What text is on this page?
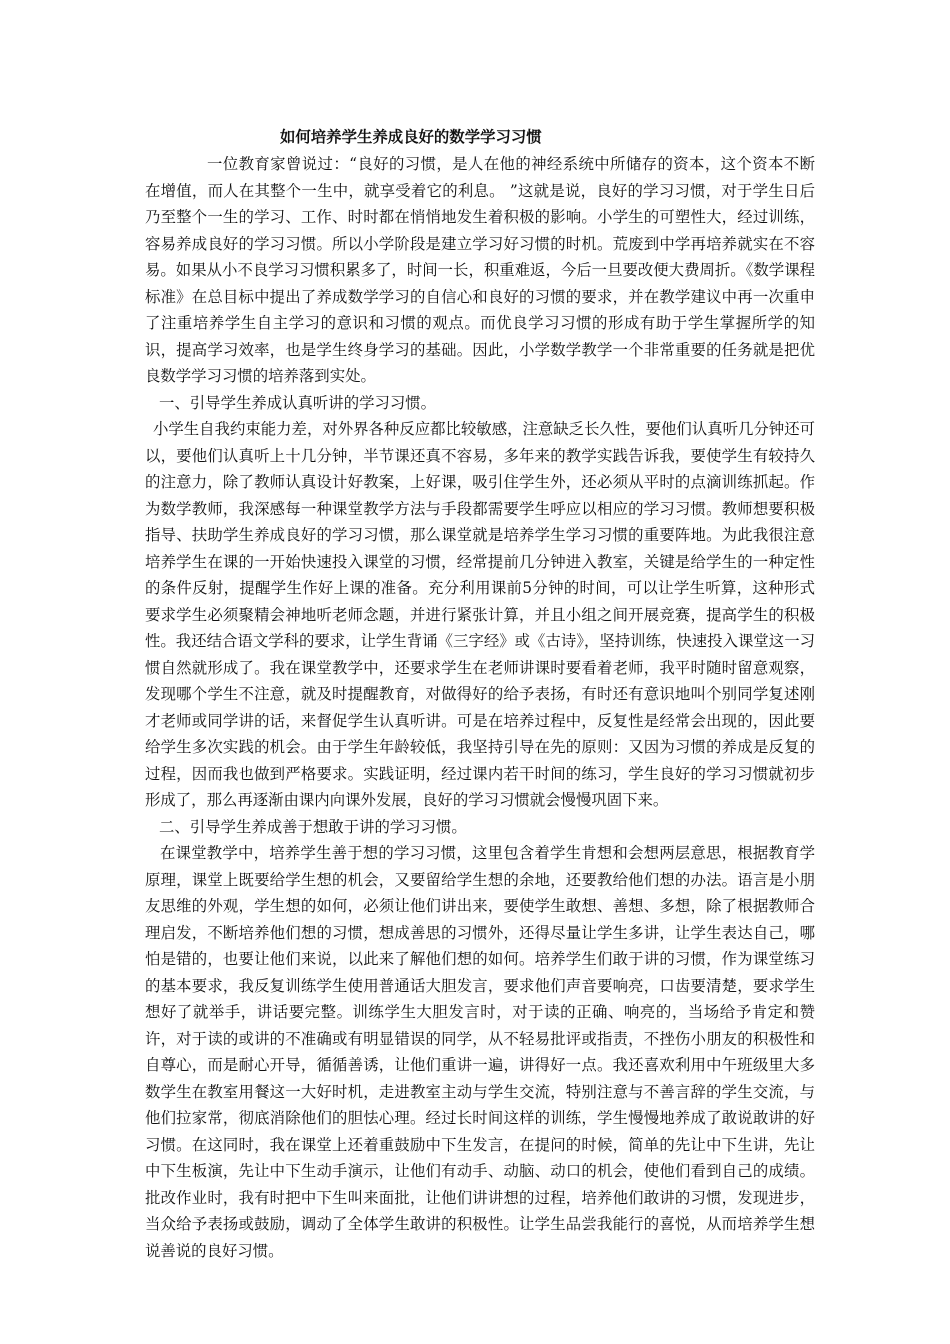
如何培养学生养成良好的数学学习习惯

一位教育家曾说过：“良好的习惯，是人在他的神经系统中所储存的资本，这个资本不断在增值，而人在其整个一生中，就享受着它的利息。 ”这就是说，良好的学习习惯，对于学生日后乃至整个一生的学习、工作、时时都在悄悄地发生着积极的影响。小学生的可塑性大，经过训练，容易养成良好的学习习惯。所以小学阶段是建立学习好习惯的时机。荒废到中学再培养就实在不容易。如果从小不良学习习惯积累多了，时间一长，积重难返，今后一旦要改便大费周折。《数学课程标准》在总目标中提出了养成数学学习的自信心和良好的习惯的要求，并在教学建议中再一次重申了注重培养学生自主学习的意识和习惯的观点。而优良学习习惯的形成有助于学生掌握所学的知识，提高学习效率，也是学生终身学习的基础。因此，小学数学教学一个非常重要的任务就是把优良数学学习习惯的培养落到实处。

一、引导学生养成认真听讲的学习习惯。

小学生自我约束能力差，对外界各种反应都比较敏感，注意缺乏长久性，要他们认真听几分钟还可以，要他们认真听上十几分钟，半节课还真不容易，多年来的教学实践告诉我，要使学生有较持久的注意力，除了教师认真设计好教案，上好课，吸引住学生外，还必须从平时的点滴训练抓起。作为数学教师，我深感每一种课堂教学方法与手段都需要学生呼应以相应的学习习惯。教师想要积极指导、扶助学生养成良好的学习习惯，那么课堂就是培养学生学习习惯的重要阵地。为此我很注意培养学生在课的一开始快速投入课堂的习惯，经常提前几分钟进入教室，关键是给学生的一种定性的条件反射，提醒学生作好上课的准备。充分利用课前5分钟的时间，可以让学生听算，这种形式要求学生必须聚精会神地听老师念题，并进行紧张计算，并且小组之间开展竞赛，提高学生的积极性。我还结合语文学科的要求，让学生背诵《三字经》或《古诗》，坚持训练，快速投入课堂这一习惯自然就形成了。我在课堂教学中，还要求学生在老师讲课时要看着老师，我平时随时留意观察，发现哪个学生不注意，就及时提醒教育，对做得好的给予表扬，有时还有意识地叫个别同学复述刚才老师或同学讲的话，来督促学生认真听讲。可是在培养过程中，反复性是经常会出现的，因此要给学生多次实践的机会。由于学生年龄较低，我坚持引导在先的原则：又因为习惯的养成是反复的过程，因而我也做到严格要求。实践证明，经过课内若干时间的练习，学生良好的学习习惯就初步形成了，那么再逐渐由课内向课外发展，良好的学习习惯就会慢慢巩固下来。

二、引导学生养成善于想敢于讲的学习习惯。

在课堂教学中，培养学生善于想的学习习惯，这里包含着学生肯想和会想两层意思，根据教育学原理，课堂上既要给学生想的机会，又要留给学生想的余地，还要教给他们想的办法。语言是小朋友思维的外观，学生想的如何，必须让他们讲出来，要使学生敢想、善想、多想，除了根据教师合理启发，不断培养他们想的习惯，想成善思的习惯外，还得尽量让学生多讲，让学生表达自己，哪怕是错的，也要让他们来说，以此来了解他们想的如何。培养学生们敢于讲的习惯，作为课堂练习的基本要求，我反复训练学生使用普通话大胆发言，要求他们声音要响亮，口齿要清楚，要求学生想好了就举手，讲话要完整。训练学生大胆发言时，对于读的正确、响亮的，当场给予肯定和赞许，对于读的或讲的不准确或有明显错误的同学，从不轻易批评或指责，不挫伤小朋友的积极性和自尊心，而是耐心开导，循循善诱，让他们重讲一遍，讲得好一点。我还喜欢利用中午班级里大多数学生在教室用餐这一大好时机，走进教室主动与学生交流，特别注意与不善言辞的学生交流，与他们拉家常，彻底消除他们的胆怯心理。经过长时间这样的训练，学生慢慢地养成了敢说敢讲的好习惯。在这同时，我在课堂上还着重鼓励中下生发言，在提问的时候，简单的先让中下生讲，先让中下生板演，先让中下生动手演示，让他们有动手、动脑、动口的机会，使他们看到自己的成绩。批改作业时，我有时把中下生叫来面批，让他们讲讲想的过程，培养他们敢讲的习惯，发现进步，当众给予表扬或鼓励，调动了全体学生敢讲的积极性。让学生品尝我能行的喜悦，从而培养学生想说善说的良好习惯。
